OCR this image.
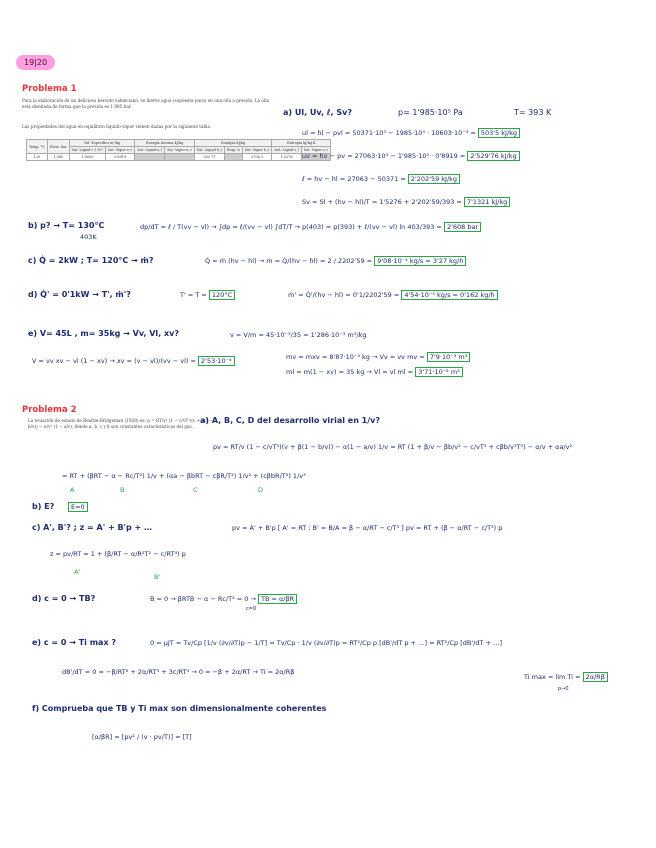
19|20
Problema 1
Para la elaboración de un delicioso hervido valenciano, se hierve agua (supuesta pura) en una olla a presión. La olla está diseñada de forma que la presión es 1.985 bar.
Las propiedades del agua en equilibrio líquido-vapor vienen dadas por la siguiente tabla
Temp. °C	Presi. bar	Vol. Específico m³/kg		Energía Interna kJ/kg		Entalpía kJ/kg			Entropía kJ/kg·K	
		Sat. Liquid v_l·10³	Sat. Vapor v_v	Sat. Liquid u_l	Sat. Vapor u_v	Sat. Liquid h_l	Evap. h	Sat. Vapor h_v	Sat. Liquid s_l	Sat. Vapor s_v
120	1.985	1.0603	0.8919			503.71		2706.3	1.5276	
a) Ul, Uv, ℓ, Sv?	p= 1'985·10⁵ Pa	T= 393 K
ul = hl − pvl = 50371·10³ − 1985·10⁵ · 10603·10⁻³ = 503'5 kJ/kg
uv = hv − pv = 27063·10³ − 1'985·10⁵ · 0'8919 = 2'529'76 kJ/kg
ℓ = hv − hl = 27063 − 50371 = 2'202'59 kJ/kg
Sv = Sl + (hv − hl)/T = 1'5276 + 2'202'59/393 = 7'1321 kJ/kg
b) p? → T= 130°C
403K
dp/dT = ℓ / T(vv − vl) → ∫dp = ℓ/(vv − vl) ∫dT/T → p(403) = p(393) + ℓ/(vv − vl) ln 403/393 = 2'608 bar
c) Q̇ = 2kW ; T= 120°C → ṁ?	Q̇ = ṁ (hv − hl) → ṁ = Q̇/(hv − hl) = 2 / 2202'59 = 9'08·10⁻⁴ kg/s = 3'27 kg/h
d) Q̇' = 0'1kW → T', ṁ'?	T' = T = 120°C	ṁ' = Q̇'/(hv − hl) = 0'1/2202'59 = 4'54·10⁻⁵ kg/s = 0'162 kg/h
e) V= 45L , m= 35kg → Vv, Vl, xv?	v = V/m = 45·10⁻³/35 = 1'286·10⁻³ m³/kg
V = vv xv − vl (1 − xv) → xv = (v − vl)/(vv − vl) = 2'53·10⁻⁴	mv = mxv = 8'87·10⁻³ kg → Vv = vv mv = 7'9·10⁻³ m³
ml = m(1 − xv) = 35 kg → Vl = vl ml = 3'71·10⁻² m³
Problema 2
La ecuación de estado de Beattie-Bridgeman (1928) es: p = RT/v² (1 − c/vT³)(v + β(1 − b/v)) − α/v² (1 − a/v), donde α, b, c y β son constantes características del gas.
a) A, B, C, D del desarrollo virial en 1/v?
pv = RT/v (1 − c/vT³)(v + β(1 − b/v)) − α(1 − a/v) 1/v = RT (1 + β/v − βb/v² − c/vT³ + cβb/v³T³) − α/v + αa/v²
= RT + (βRT − α − Rc/T²) 1/v + (αa − βbRT − cβR/T²) 1/v² + (cβbR/T²) 1/v³
A	B	C	D
b) E?	E=0
c) A', B'? ; z = A' + B'p + …	pv = A' + B'p [ A' = RT ; B' = B/A = β − α/RT − c/T³ ] pv = RT + (β − α/RT − c/T³) p
z = pv/RT = 1 + (β/RT − α/R²T² − c/RT⁴) p
A'
B'
d) c = 0 → TB?	B = 0 → βRTB − α − Rc/T² = 0 → TB = α/βR
c=0
e) c = 0 → Ti max ?	0 = μJT = Tv/Cp [1/v (∂v/∂T)p − 1/T] = Tv/Cp · 1/v (∂v/∂T)p = RT²/Cp p [dB'/dT p + …] = RT²/Cp [dB'/dT + …]
dB'/dT = 0 = −β/RT² + 2α/RT³ + 3c/RT⁴ → 0 = −β + 2α/RT → Ti = 2α/Rβ
Ti max = lim Ti = 2α/Rβ
p→0
f) Comprueba que TB y Ti max son dimensionalmente coherentes
[α/βR] = [pv² / (v · pv/T)] = [T]
